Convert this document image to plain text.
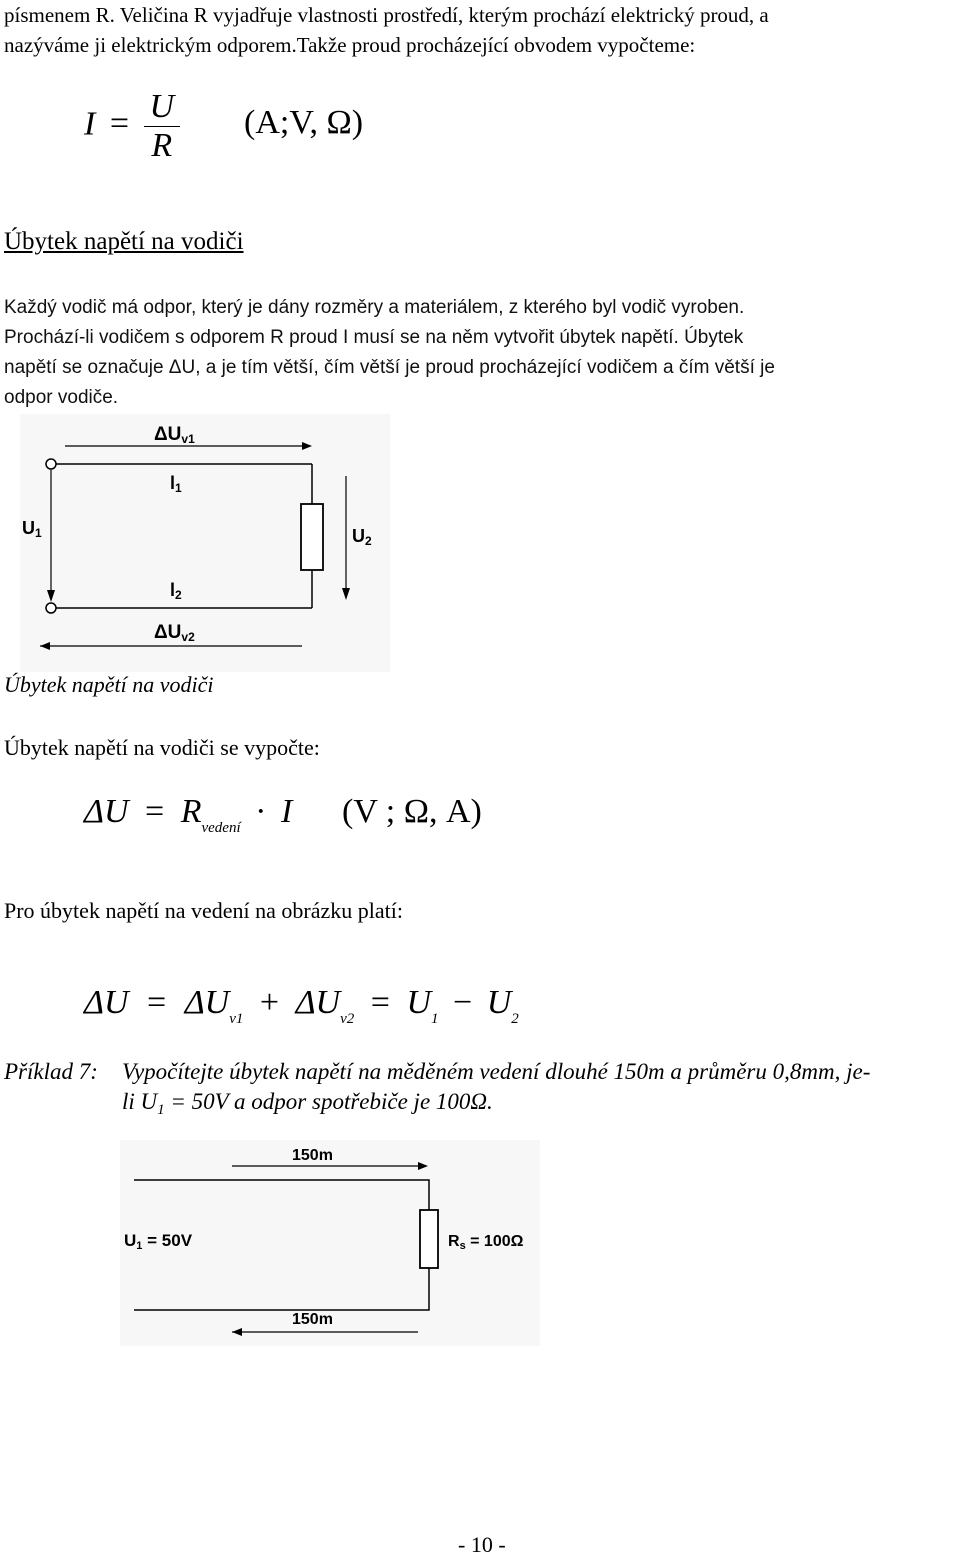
písmenem R. Veličina R vyjadřuje vlastnosti prostředí, kterým prochází elektrický proud, a
nazýváme ji elektrickým odporem.Takže proud procházející obvodem vypočteme:
$I = \frac{U}{R}$ (A;V, Ω)
Úbytek napětí na vodiči
Každý vodič má odpor, který je dány rozměry a materiálem, z kterého byl vodič vyroben.
Prochází-li vodičem s odporem R proud I musí se na něm vytvořit úbytek napětí. Úbytek
napětí se označuje ΔU, a je tím větší, čím větší je proud procházející vodičem a čím větší je
odpor vodiče.
ΔUv1
l1
l2
U1	U2
ΔUv2
Úbytek napětí na vodiči
Úbytek napětí na vodiči se vypočte:
$\Delta U = R_{vedení} \cdot I$ (V ; Ω, A)
Pro úbytek napětí na vedení na obrázku platí:
$\Delta U = \Delta U_{v1} + \Delta U_{v2} = U_1 - U_2$
Příklad 7: Vypočítejte úbytek napětí na měděném vedení dlouhé 150m a průměru 0,8mm, je-
li $U_1 = 50V$ a odpor spotřebiče je 100Ω.
150m
U1 = 50V	Rs = 100Ω
150m
- 10 -
